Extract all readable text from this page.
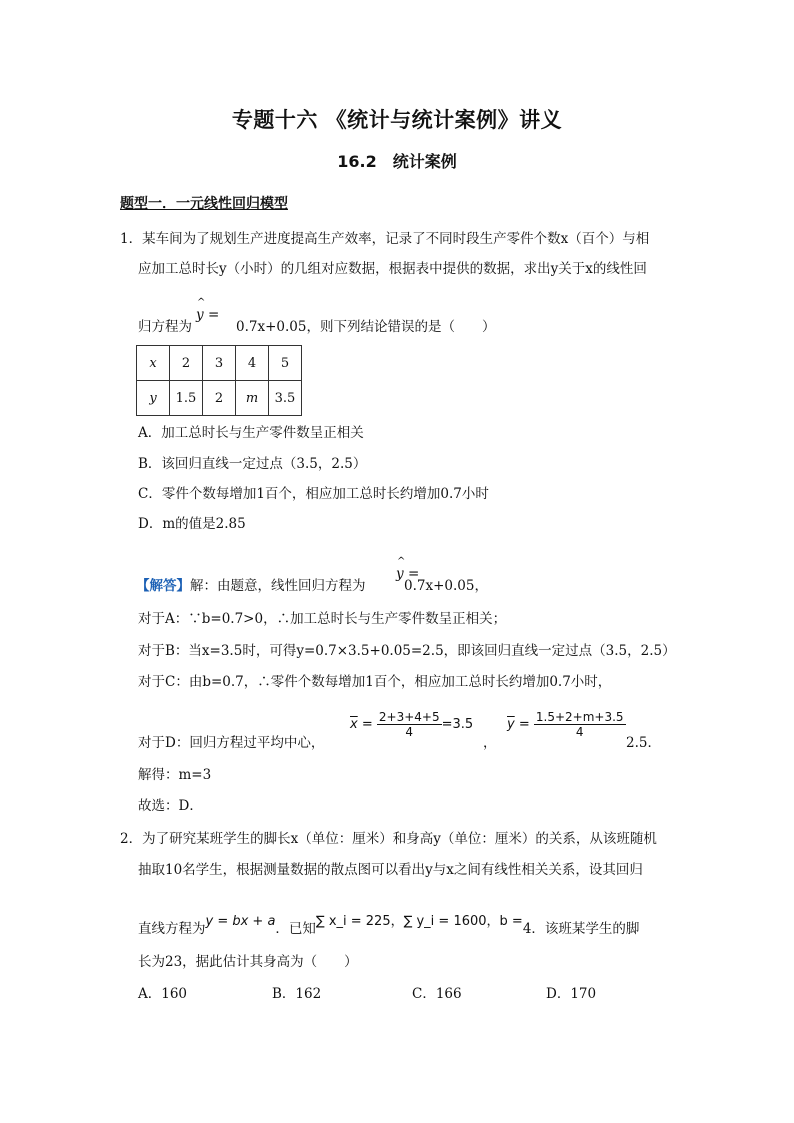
专题十六 《统计与统计案例》讲义
16.2　统计案例
题型一．一元线性回归模型
1．某车间为了规划生产进度提高生产效率，记录了不同时段生产零件个数x（百个）与相
应加工总时长y（小时）的几组对应数据，根据表中提供的数据，求出y关于x的线性回
^ y =
归方程为	0.7x+0.05，则下列结论错误的是（　　）
x	2	3	4	5
y	1.5	2	m	3.5
A．加工总时长与生产零件数呈正相关
B．该回归直线一定过点（3.5，2.5）
C．零件个数每增加1百个，相应加工总时长约增加0.7小时
D．m的值是2.85
【解答】解：由题意，线性回归方程为
^ y =
0.7x+0.05，
对于A：∵b=0.7>0，∴加工总时长与生产零件数呈正相关；
对于B：当x=3.5时，可得y=0.7×3.5+0.05=2.5，即该回归直线一定过点（3.5，2.5）
对于C：由b=0.7，∴零件个数每增加1百个，相应加工总时长约增加0.7小时，
对于D：回归方程过平均中心，
$\overline{x} = \frac{2+3+4+5}{4} =3.5$
，
$\overline{y} = \frac{1.5+2+m+3.5}{4}$
2.5．
解得：m=3
故选：D．
2．为了研究某班学生的脚长x（单位：厘米）和身高y（单位：厘米）的关系，从该班随机
抽取10名学生，根据测量数据的散点图可以看出y与x之间有线性相关关系，设其回归
直线方程为y = bx + a．已知∑ x_i = 225，∑ y_i = 1600，b =4．该班某学生的脚
长为23，据此估计其身高为（　　）
A．160	B．162	C．166	D．170
